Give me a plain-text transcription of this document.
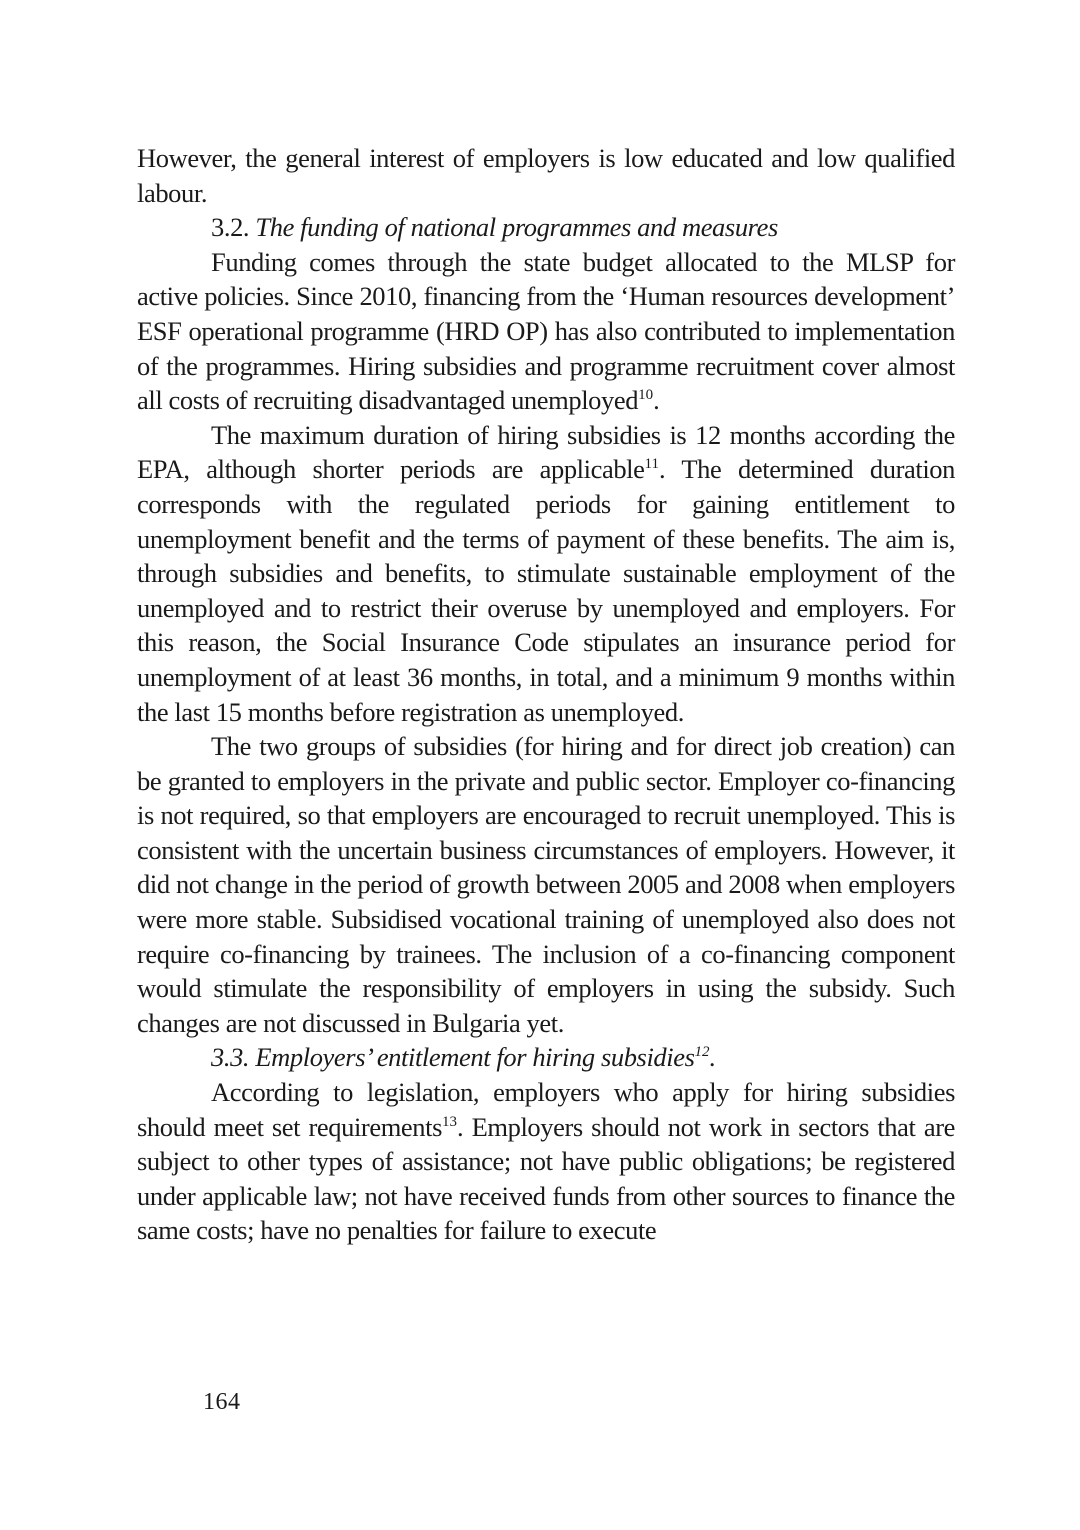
However, the general interest of employers is low educated and low qualified labour.

3.2. The funding of national programmes and measures

Funding comes through the state budget allocated to the MLSP for active policies. Since 2010, financing from the ‘Human resources development’ ESF operational programme (HRD OP) has also contributed to implementation of the programmes. Hiring subsidies and programme recruitment cover almost all costs of recruiting disadvantaged unemployed$^{10}$.

The maximum duration of hiring subsidies is 12 months according the EPA, although shorter periods are applicable$^{11}$. The determined duration corresponds with the regulated periods for gaining entitlement to unemployment benefit and the terms of payment of these benefits. The aim is, through subsidies and benefits, to stimulate sustainable employment of the unemployed and to restrict their overuse by unemployed and employers. For this reason, the Social Insurance Code stipulates an insurance period for unemployment of at least 36 months, in total, and a minimum 9 months within the last 15 months before registration as unemployed.

The two groups of subsidies (for hiring and for direct job creation) can be granted to employers in the private and public sector. Employer co-financing is not required, so that employers are encouraged to recruit unemployed. This is consistent with the uncertain business circumstances of employers. However, it did not change in the period of growth between 2005 and 2008 when employers were more stable. Subsidised vocational training of unemployed also does not require co-financing by trainees. The inclusion of a co-financing component would stimulate the responsibility of employers in using the subsidy. Such changes are not discussed in Bulgaria yet.

3.3. Employers’ entitlement for hiring subsidies$^{12}$.

According to legislation, employers who apply for hiring subsidies should meet set requirements$^{13}$. Employers should not work in sectors that are subject to other types of assistance; not have public obligations; be registered under applicable law; not have received funds from other sources to finance the same costs; have no penalties for failure to execute

164
